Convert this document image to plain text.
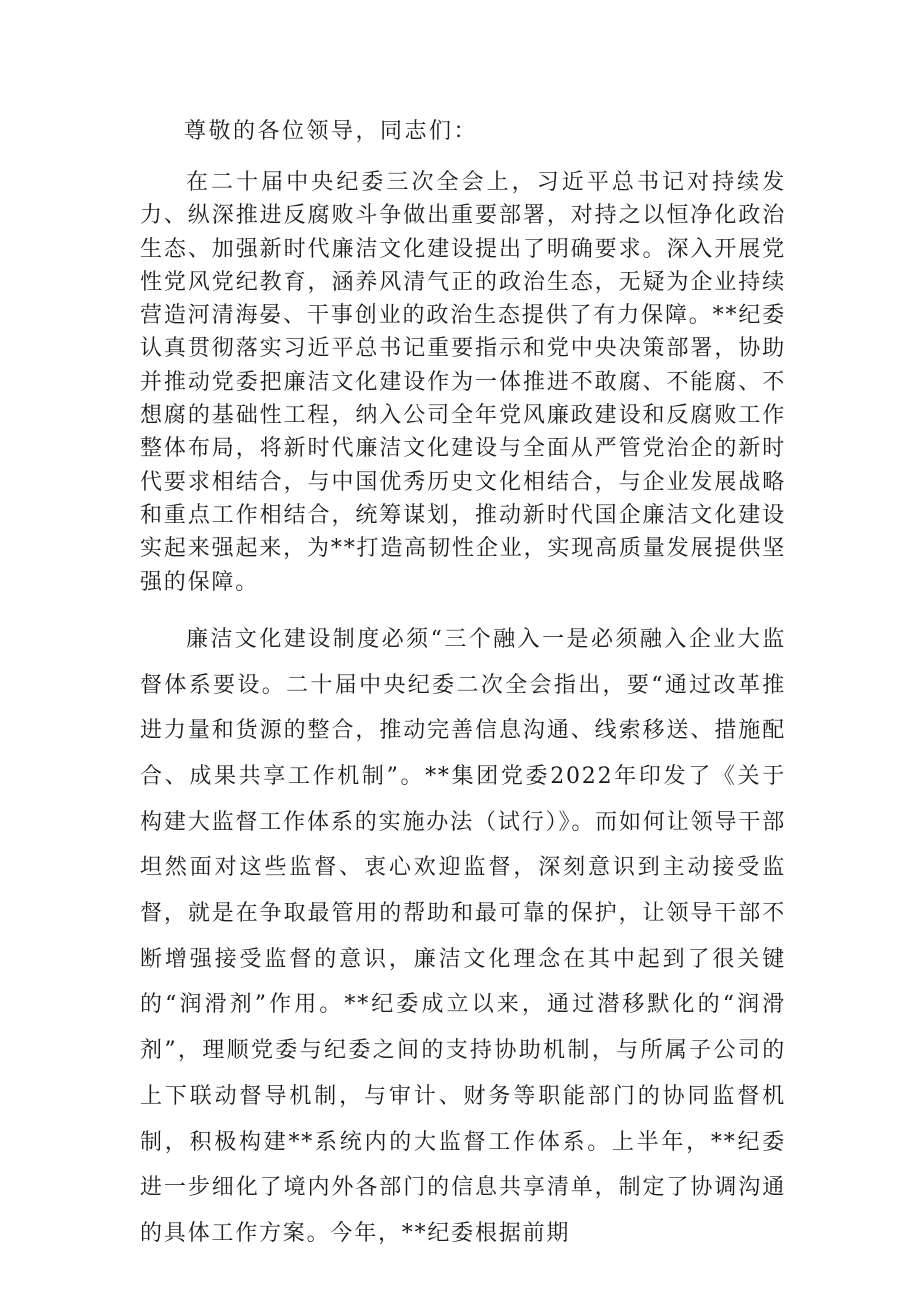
尊敬的各位领导，同志们：

在二十届中央纪委三次全会上，习近平总书记对持续发力、纵深推进反腐败斗争做出重要部署，对持之以恒净化政治生态、加强新时代廉洁文化建设提出了明确要求。深入开展党性党风党纪教育，涵养风清气正的政治生态，无疑为企业持续营造河清海晏、干事创业的政治生态提供了有力保障。**纪委认真贯彻落实习近平总书记重要指示和党中央决策部署，协助并推动党委把廉洁文化建设作为一体推进不敢腐、不能腐、不想腐的基础性工程，纳入公司全年党风廉政建设和反腐败工作整体布局，将新时代廉洁文化建设与全面从严管党治企的新时代要求相结合，与中国优秀历史文化相结合，与企业发展战略和重点工作相结合，统筹谋划，推动新时代国企廉洁文化建设实起来强起来，为**打造高韧性企业，实现高质量发展提供坚强的保障。

廉洁文化建设制度必须“三个融入一是必须融入企业大监督体系要设。二十届中央纪委二次全会指出，要“通过改革推进力量和货源的整合，推动完善信息沟通、线索移送、措施配合、成果共享工作机制”。**集团党委2022年印发了《关于构建大监督工作体系的实施办法（试行）》。而如何让领导干部坦然面对这些监督、衷心欢迎监督，深刻意识到主动接受监督，就是在争取最管用的帮助和最可靠的保护，让领导干部不断增强接受监督的意识，廉洁文化理念在其中起到了很关键的“润滑剂”作用。**纪委成立以来，通过潜移默化的“润滑剂”，理顺党委与纪委之间的支持协助机制，与所属子公司的上下联动督导机制，与审计、财务等职能部门的协同监督机制，积极构建**系统内的大监督工作体系。上半年，**纪委进一步细化了境内外各部门的信息共享清单，制定了协调沟通的具体工作方案。今年，**纪委根据前期
